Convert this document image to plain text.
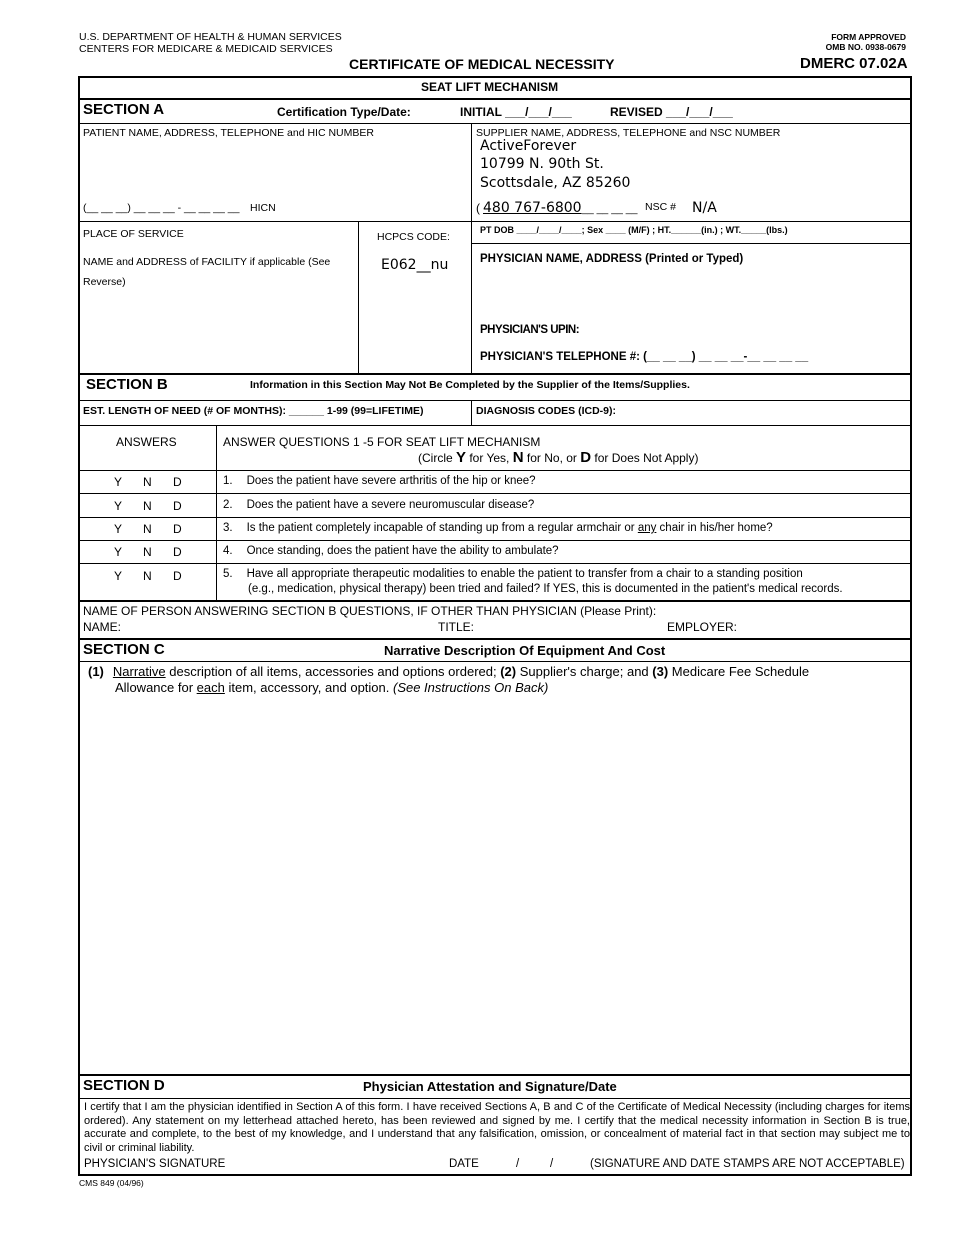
U.S. DEPARTMENT OF HEALTH & HUMAN SERVICES
CENTERS FOR MEDICARE & MEDICAID SERVICES
FORM APPROVED
OMB NO. 0938-0679
CERTIFICATE OF MEDICAL NECESSITY	DMERC 07.02A
SEAT LIFT MECHANISM
SECTION A	Certification Type/Date:	INITIAL ___/___/___	REVISED ___/___/___
PATIENT NAME, ADDRESS, TELEPHONE and HIC NUMBER
(__ __ __) __ __ __ - __ __ __ __ HICN
SUPPLIER NAME, ADDRESS, TELEPHONE and NSC NUMBER
ActiveForever
10799 N. 90th St.
Scottsdale, AZ 85260
( 480 767-6800 __ __ __ __ NSC # N/A
PLACE OF SERVICE
NAME and ADDRESS of FACILITY if applicable (See Reverse)
HCPCS CODE:
E062__nu
PT DOB ____/____/____; Sex ____ (M/F) ; HT.______(in.) ; WT._____(lbs.)
PHYSICIAN NAME, ADDRESS (Printed or Typed)
PHYSICIAN'S UPIN:
PHYSICIAN'S TELEPHONE #: (__ __ __) __ __ __-__ __ __ __
SECTION B	Information in this Section May Not Be Completed by the Supplier of the Items/Supplies.
EST. LENGTH OF NEED (# OF MONTHS): ______ 1-99 (99=LIFETIME)	DIAGNOSIS CODES (ICD-9):
ANSWERS	ANSWER QUESTIONS 1 -5 FOR SEAT LIFT MECHANISM
(Circle Y for Yes, N for No, or D for Does Not Apply)
Y N D	1. Does the patient have severe arthritis of the hip or knee?
Y N D	2. Does the patient have a severe neuromuscular disease?
Y N D	3. Is the patient completely incapable of standing up from a regular armchair or any chair in his/her home?
Y N D	4. Once standing, does the patient have the ability to ambulate?
Y N D	5. Have all appropriate therapeutic modalities to enable the patient to transfer from a chair to a standing position
(e.g., medication, physical therapy) been tried and failed? If YES, this is documented in the patient's medical records.
NAME OF PERSON ANSWERING SECTION B QUESTIONS, IF OTHER THAN PHYSICIAN (Please Print):
NAME:	TITLE:	EMPLOYER:
SECTION C	Narrative Description Of Equipment And Cost
(1) Narrative description of all items, accessories and options ordered; (2) Supplier's charge; and (3) Medicare Fee Schedule
Allowance for each item, accessory, and option. (See Instructions On Back)
SECTION D	Physician Attestation and Signature/Date
I certify that I am the physician identified in Section A of this form. I have received Sections A, B and C of the Certificate of Medical Necessity (including charges for items ordered). Any statement on my letterhead attached hereto, has been reviewed and signed by me. I certify that the medical necessity information in Section B is true, accurate and complete, to the best of my knowledge, and I understand that any falsification, omission, or concealment of material fact in that section may subject me to civil or criminal liability.
PHYSICIAN'S SIGNATURE	DATE	/	/	(SIGNATURE AND DATE STAMPS ARE NOT ACCEPTABLE)
CMS 849 (04/96)
